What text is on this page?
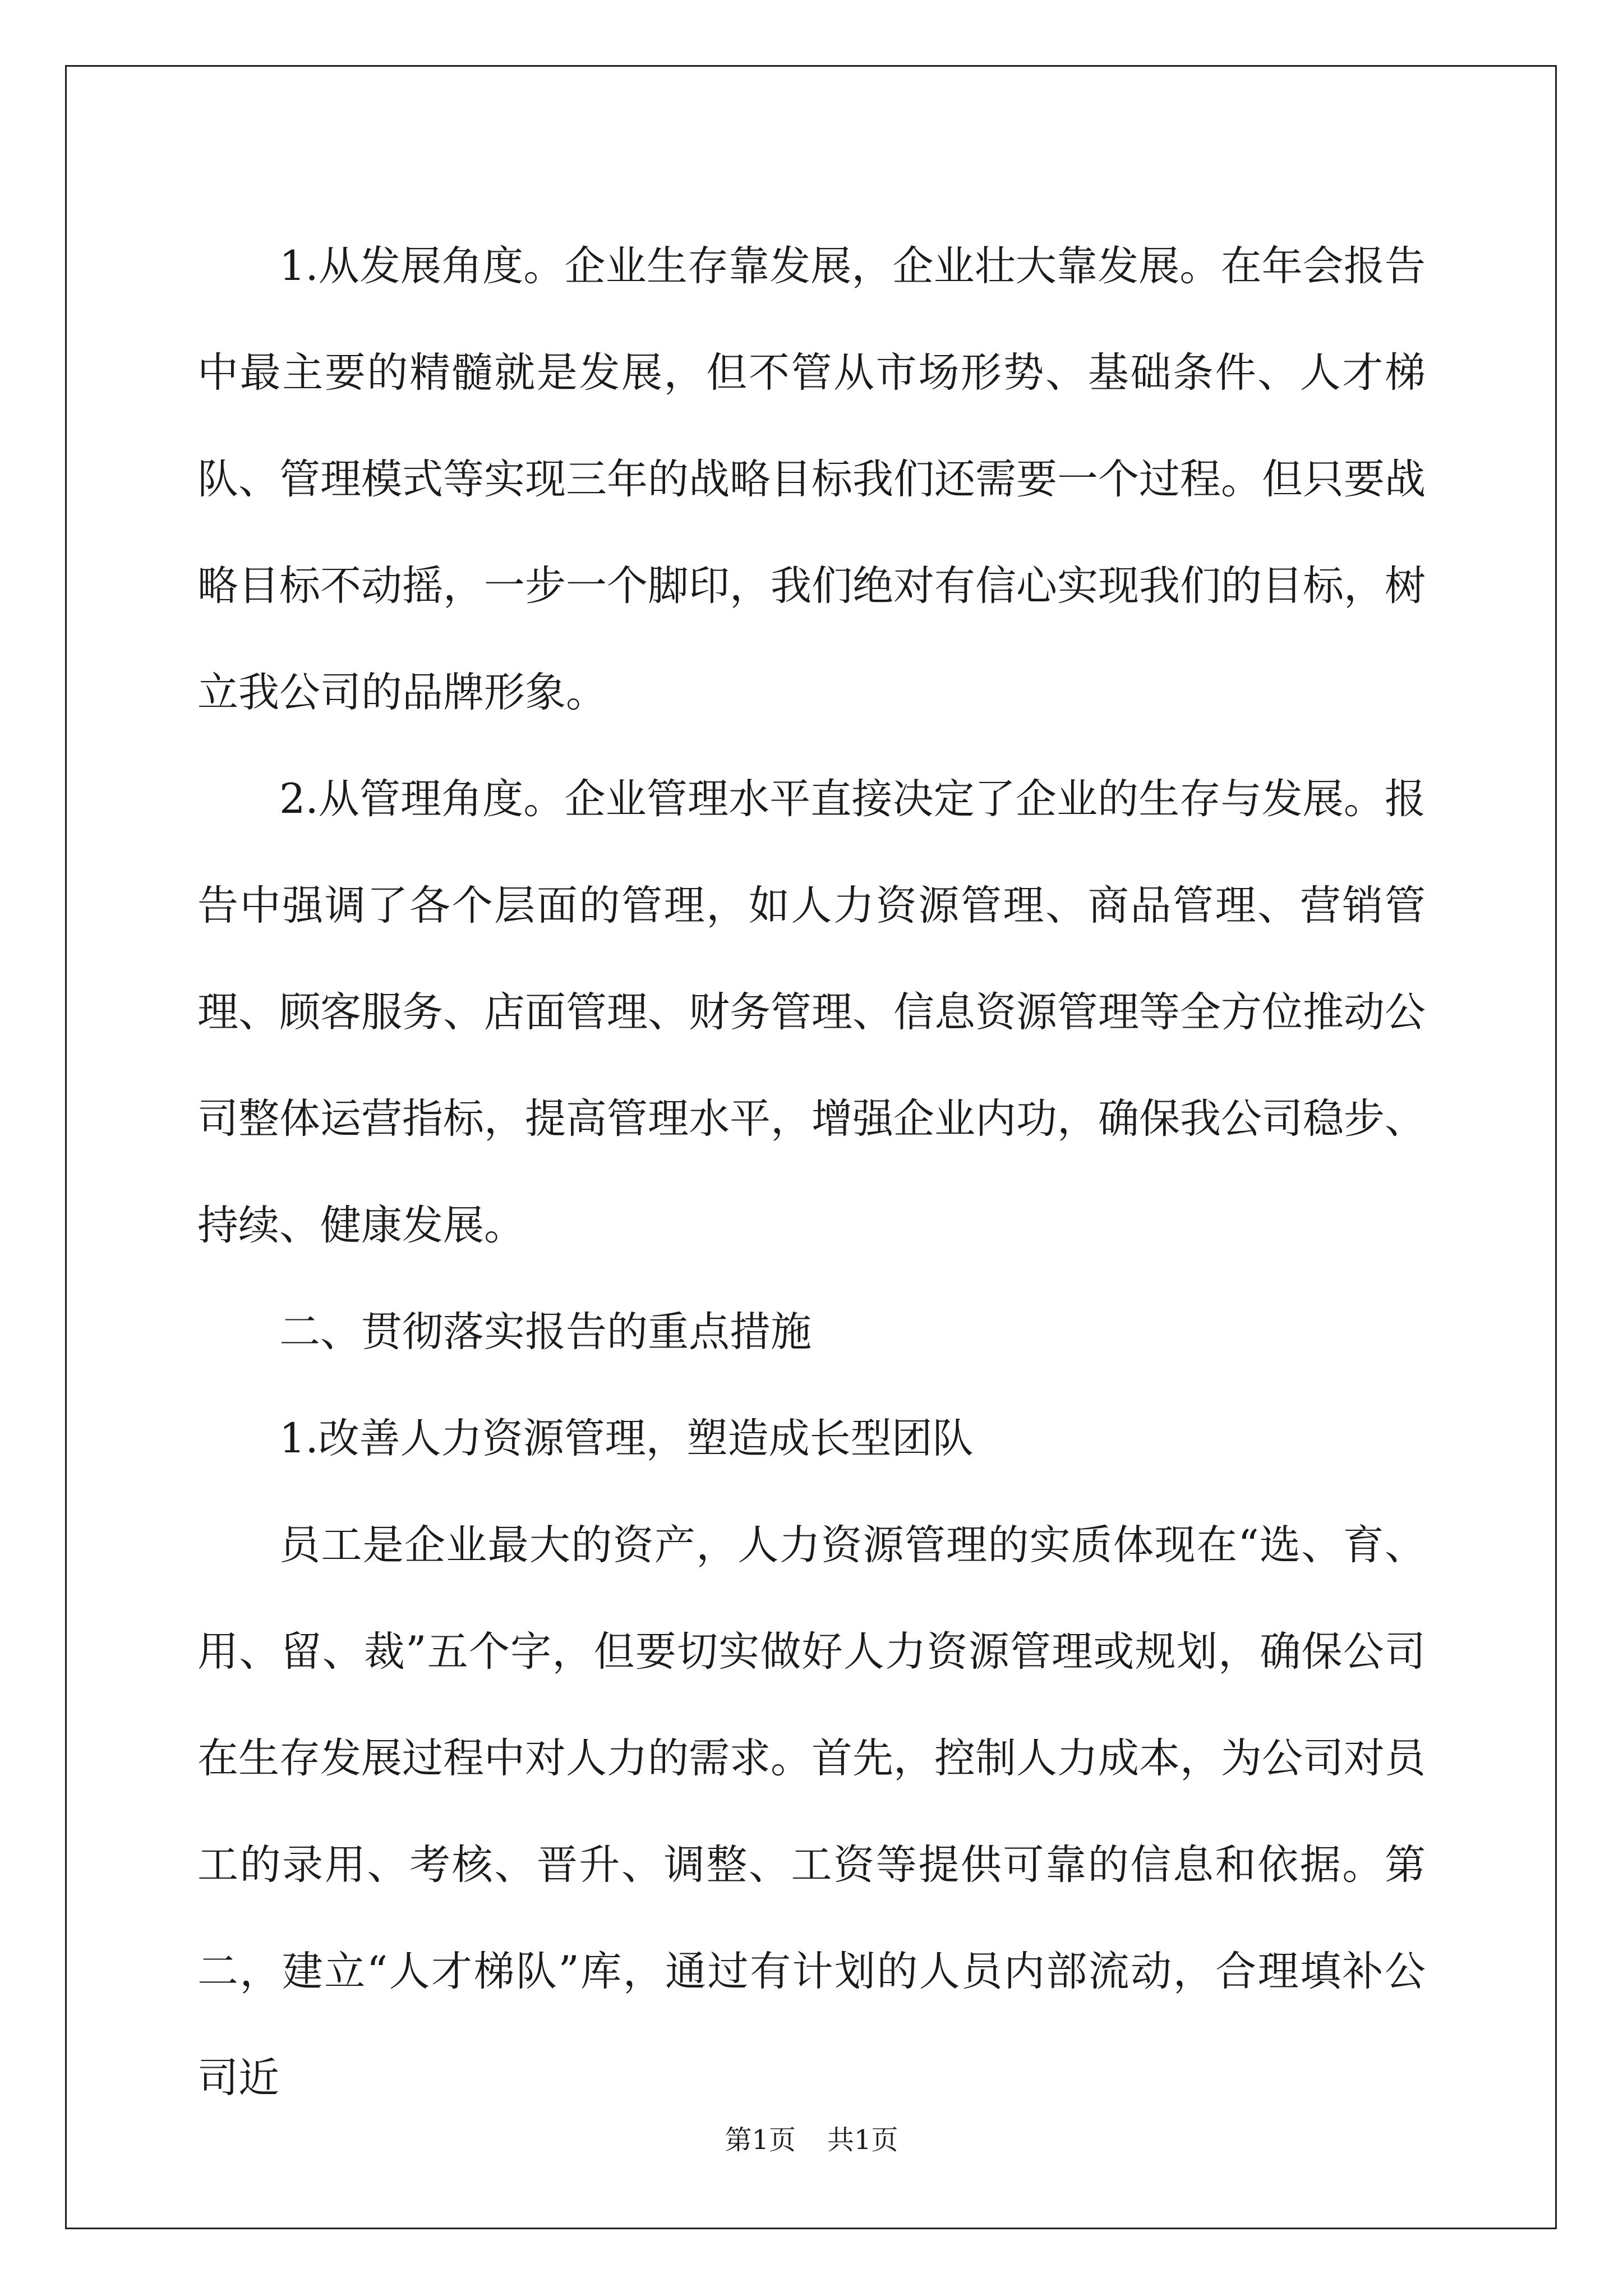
1.从发展角度。企业生存靠发展，企业壮大靠发展。在年会报告中最主要的精髓就是发展，但不管从市场形势、基础条件、人才梯队、管理模式等实现三年的战略目标我们还需要一个过程。但只要战略目标不动摇，一步一个脚印，我们绝对有信心实现我们的目标，树立我公司的品牌形象。

2.从管理角度。企业管理水平直接决定了企业的生存与发展。报告中强调了各个层面的管理，如人力资源管理、商品管理、营销管理、顾客服务、店面管理、财务管理、信息资源管理等全方位推动公司整体运营指标，提高管理水平，增强企业内功，确保我公司稳步、持续、健康发展。

二、贯彻落实报告的重点措施

1.改善人力资源管理，塑造成长型团队

员工是企业最大的资产，人力资源管理的实质体现在“选、育、用、留、裁”五个字，但要切实做好人力资源管理或规划，确保公司在生存发展过程中对人力的需求。首先，控制人力成本，为公司对员工的录用、考核、晋升、调整、工资等提供可靠的信息和依据。第二，建立“人才梯队”库，通过有计划的人员内部流动，合理填补公司近

第1页 共1页
